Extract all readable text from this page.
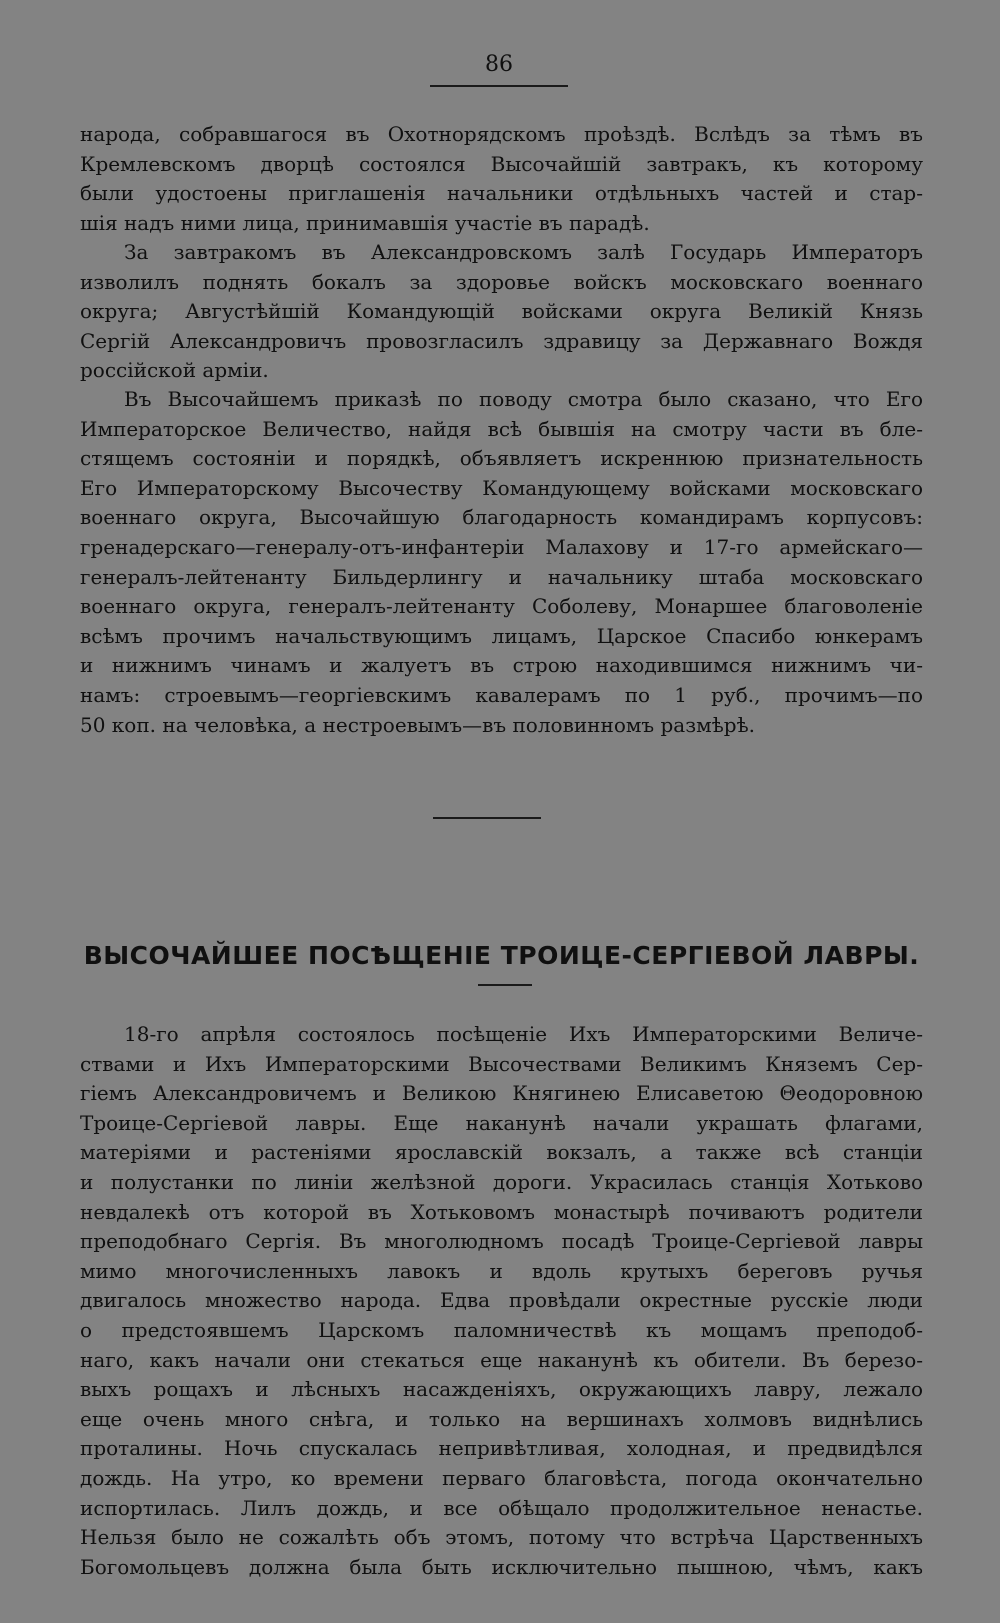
86

народа, собравшагося въ Охотнорядскомъ проѣздѣ. Вслѣдъ за тѣмъ въ
Кремлевскомъ дворцѣ состоялся Высочайшiй завтракъ, къ которому
были удостоены приглашенiя начальники отдѣльныхъ частей и стар-
шiя надъ ними лица, принимавшiя участiе въ парадѣ.

За завтракомъ въ Александровскомъ залѣ Государь Императоръ
изволилъ поднять бокалъ за здоровье войскъ московскаго военнаго
округа; Августѣйшiй Командующiй войсками округа Великiй Князь
Сергiй Александровичъ провозгласилъ здравицу за Державнаго Вождя
россiйской армiи.

Въ Высочайшемъ приказѣ по поводу смотра было сказано, что Его
Императорское Величество, найдя всѣ бывшiя на смотру части въ бле-
стящемъ состоянiи и порядкѣ, объявляетъ искреннюю признательность
Его Императорскому Высочеству Командующему войсками московскаго
военнаго округа, Высочайшую благодарность командирамъ корпусовъ:
гренадерскаго—генералу-отъ-инфантерiи Малахову и 17-го армейскаго—
генералъ-лейтенанту Бильдерлингу и начальнику штаба московскаго
военнаго округа, генералъ-лейтенанту Соболеву, Монаршее благоволенiе
всѣмъ прочимъ начальствующимъ лицамъ, Царское Спасибо юнкерамъ
и нижнимъ чинамъ и жалуетъ въ строю находившимся нижнимъ чи-
намъ: строевымъ—георгiевскимъ кавалерамъ по 1 руб., прочимъ—по
50 коп. на человѣка, а нестроевымъ—въ половинномъ размѣрѣ.

ВЫСОЧАЙШЕЕ ПОСѢЩЕНIЕ ТРОИЦЕ-СЕРГIЕВОЙ ЛАВРЫ.

18-го апрѣля состоялось посѣщенiе Ихъ Императорскими Величе-
ствами и Ихъ Императорскими Высочествами Великимъ Княземъ Сер-
гiемъ Александровичемъ и Великою Княгинею Елисаветою Θеодоровною
Троице-Сергiевой лавры. Еще наканунѣ начали украшать флагами,
матерiями и растенiями ярославскiй вокзалъ, а также всѣ станцiи
и полустанки по линiи желѣзной дороги. Украсилась станцiя Хотьково
невдалекѣ отъ которой въ Хотьковомъ монастырѣ почиваютъ родители
преподобнаго Сергiя. Въ многолюдномъ посадѣ Троице-Сергiевой лавры
мимо многочисленныхъ лавокъ и вдоль крутыхъ береговъ ручья
двигалось множество народа. Едва провѣдали окрестные русскiе люди
о предстоявшемъ Царскомъ паломничествѣ къ мощамъ преподоб-
наго, какъ начали они стекаться еще наканунѣ къ обители. Въ березо-
выхъ рощахъ и лѣсныхъ насажденiяхъ, окружающихъ лавру, лежало
еще очень много снѣга, и только на вершинахъ холмовъ виднѣлись
проталины. Ночь спускалась непривѣтливая, холодная, и предвидѣлся
дождь. На утро, ко времени перваго благовѣста, погода окончательно
испортилась. Лилъ дождь, и все обѣщало продолжительное ненастье.
Нельзя было не сожалѣть объ этомъ, потому что встрѣча Царственныхъ
Богомольцевъ должна была быть исключительно пышною, чѣмъ, какъ
